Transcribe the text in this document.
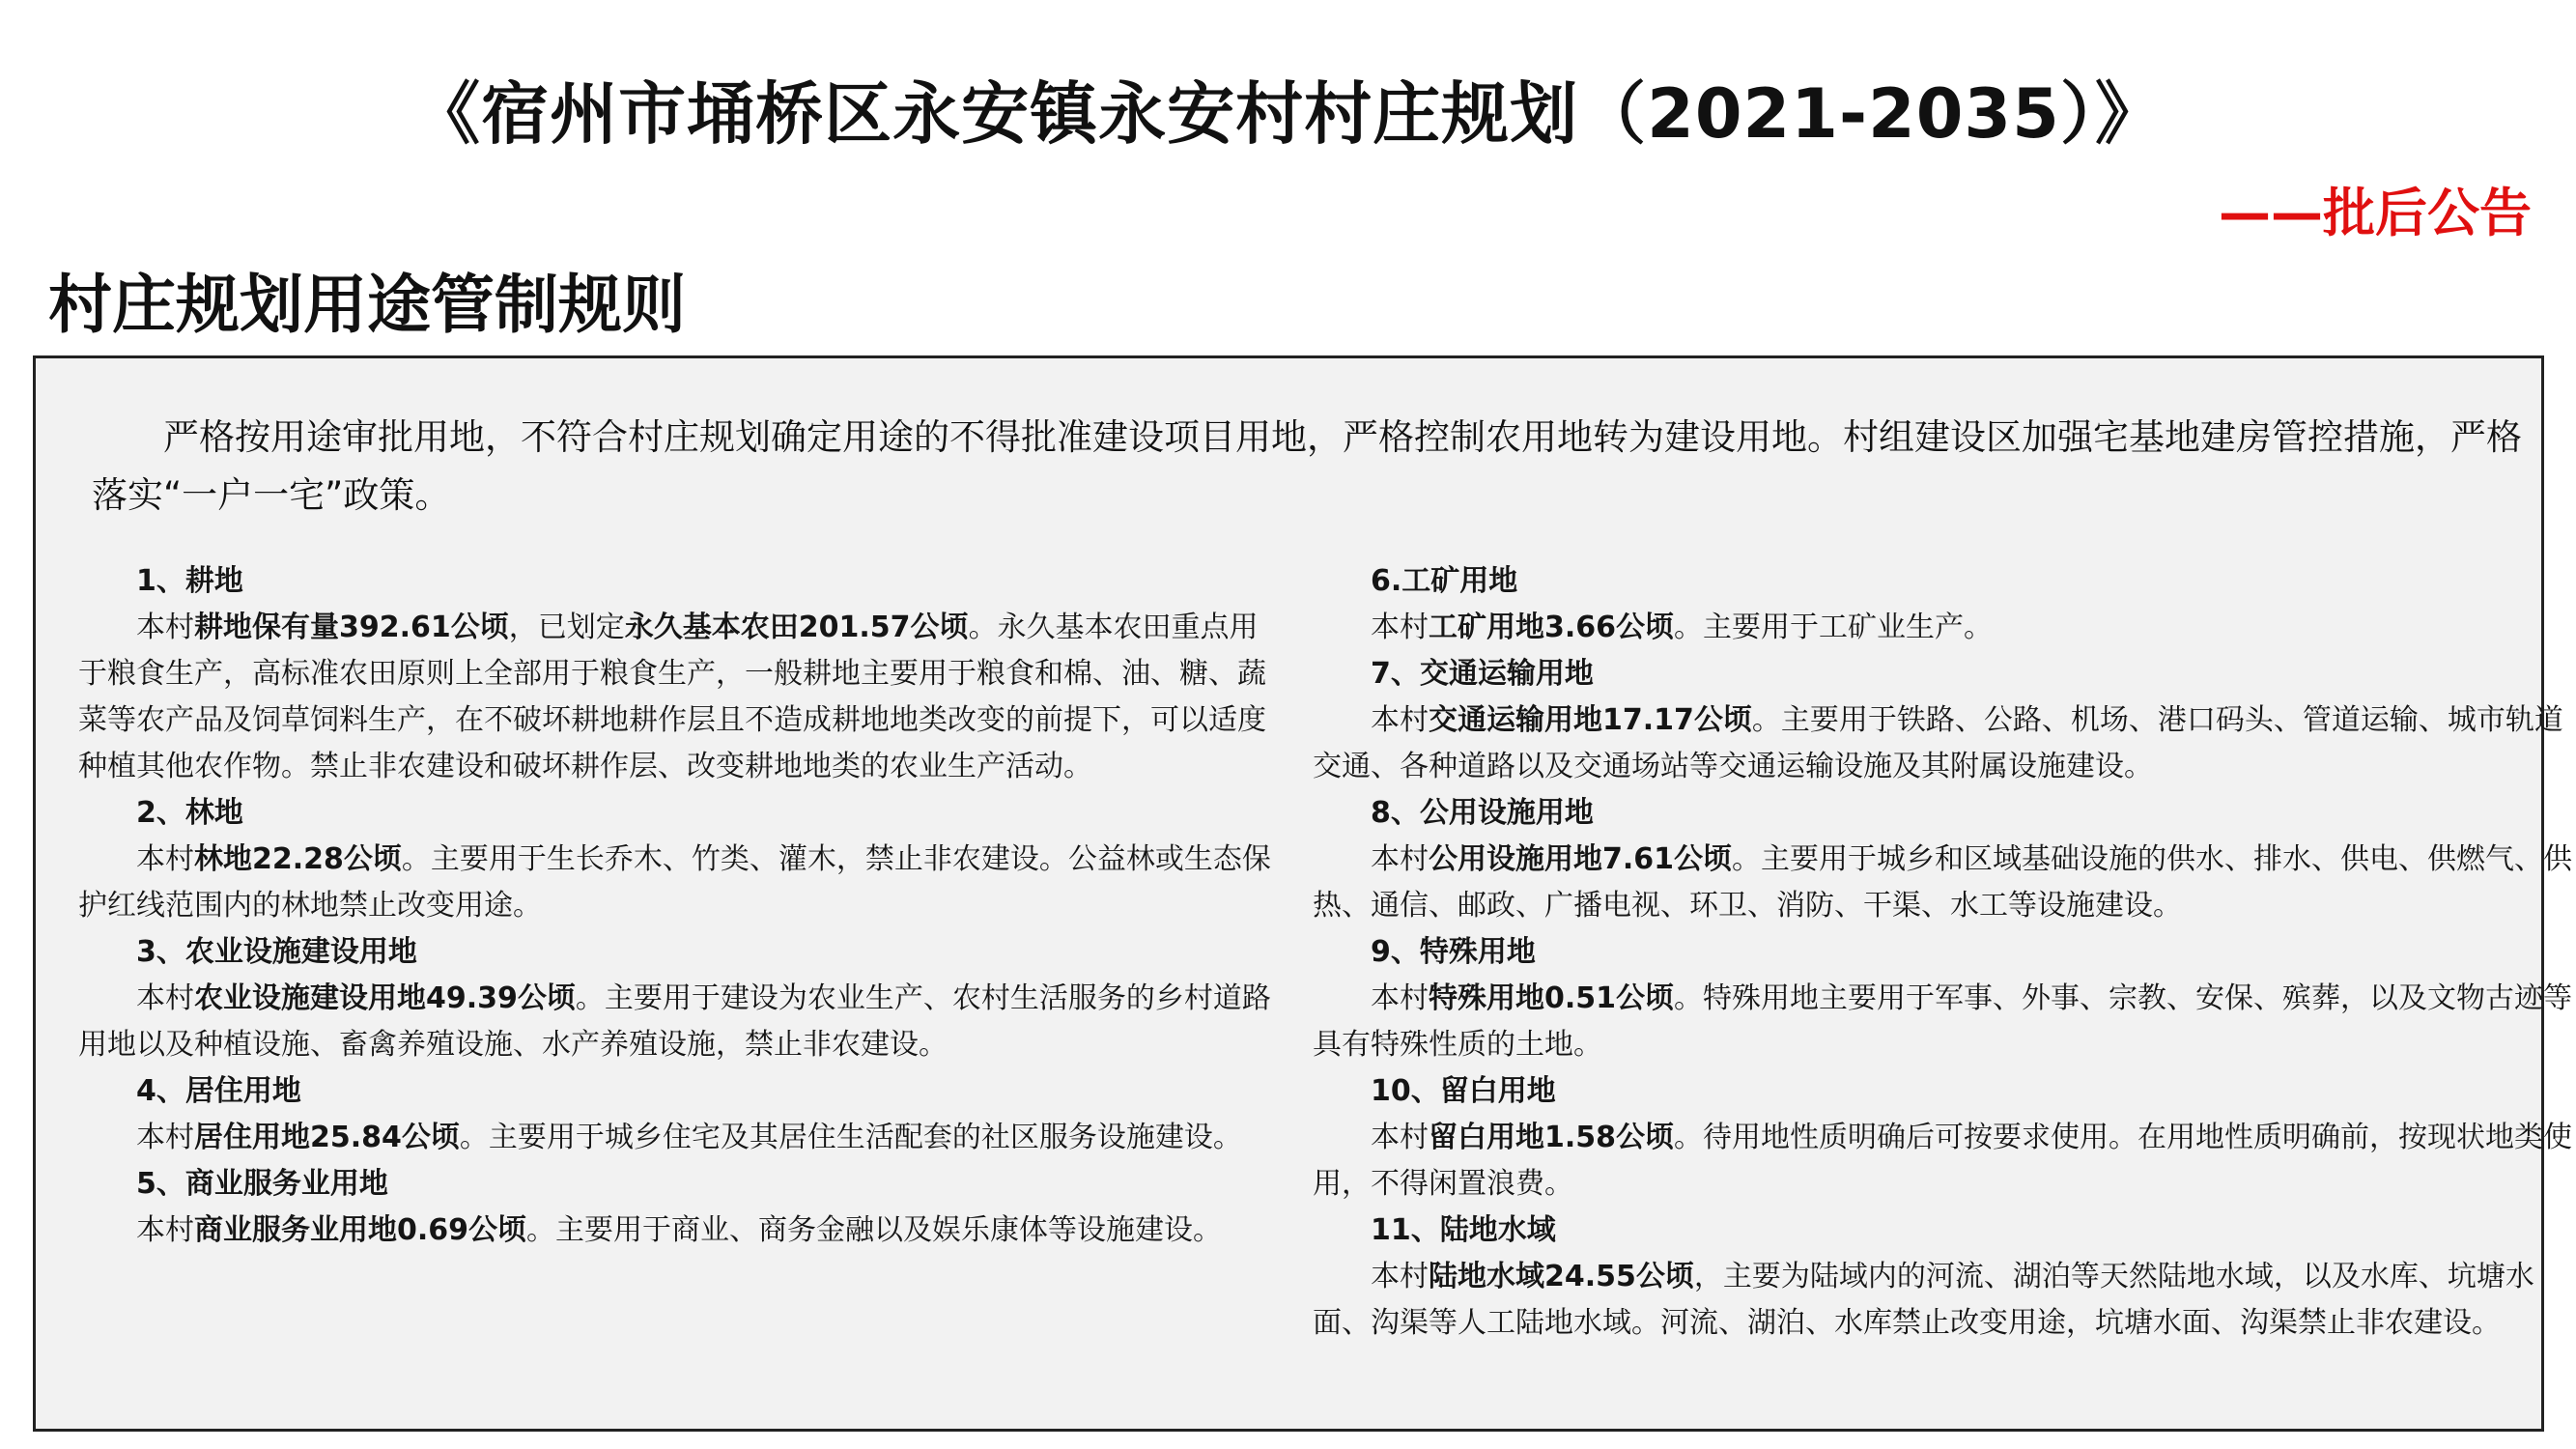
《宿州市埇桥区永安镇永安村村庄规划（2021-2035）》
——批后公告
村庄规划用途管制规则

严格按用途审批用地，不符合村庄规划确定用途的不得批准建设项目用地，严格控制农用地转为建设用地。村组建设区加强宅基地建房管控措施，严格落实“一户一宅”政策。

1、耕地
本村耕地保有量392.61公顷，已划定永久基本农田201.57公顷。永久基本农田重点用于粮食生产，高标准农田原则上全部用于粮食生产，一般耕地主要用于粮食和棉、油、糖、蔬菜等农产品及饲草饲料生产，在不破坏耕地耕作层且不造成耕地地类改变的前提下，可以适度种植其他农作物。禁止非农建设和破坏耕作层、改变耕地地类的农业生产活动。
2、林地
本村林地22.28公顷。主要用于生长乔木、竹类、灌木，禁止非农建设。公益林或生态保护红线范围内的林地禁止改变用途。
3、农业设施建设用地
本村农业设施建设用地49.39公顷。主要用于建设为农业生产、农村生活服务的乡村道路用地以及种植设施、畜禽养殖设施、水产养殖设施，禁止非农建设。
4、居住用地
本村居住用地25.84公顷。主要用于城乡住宅及其居住生活配套的社区服务设施建设。
5、商业服务业用地
本村商业服务业用地0.69公顷。主要用于商业、商务金融以及娱乐康体等设施建设。
6.工矿用地
本村工矿用地3.66公顷。主要用于工矿业生产。
7、交通运输用地
本村交通运输用地17.17公顷。主要用于铁路、公路、机场、港口码头、管道运输、城市轨道交通、各种道路以及交通场站等交通运输设施及其附属设施建设。
8、公用设施用地
本村公用设施用地7.61公顷。主要用于城乡和区域基础设施的供水、排水、供电、供燃气、供热、通信、邮政、广播电视、环卫、消防、干渠、水工等设施建设。
9、特殊用地
本村特殊用地0.51公顷。特殊用地主要用于军事、外事、宗教、安保、殡葬，以及文物古迹等具有特殊性质的土地。
10、留白用地
本村留白用地1.58公顷。待用地性质明确后可按要求使用。在用地性质明确前，按现状地类使用，不得闲置浪费。
11、陆地水域
本村陆地水域24.55公顷，主要为陆域内的河流、湖泊等天然陆地水域，以及水库、坑塘水面、沟渠等人工陆地水域。河流、湖泊、水库禁止改变用途，坑塘水面、沟渠禁止非农建设。
